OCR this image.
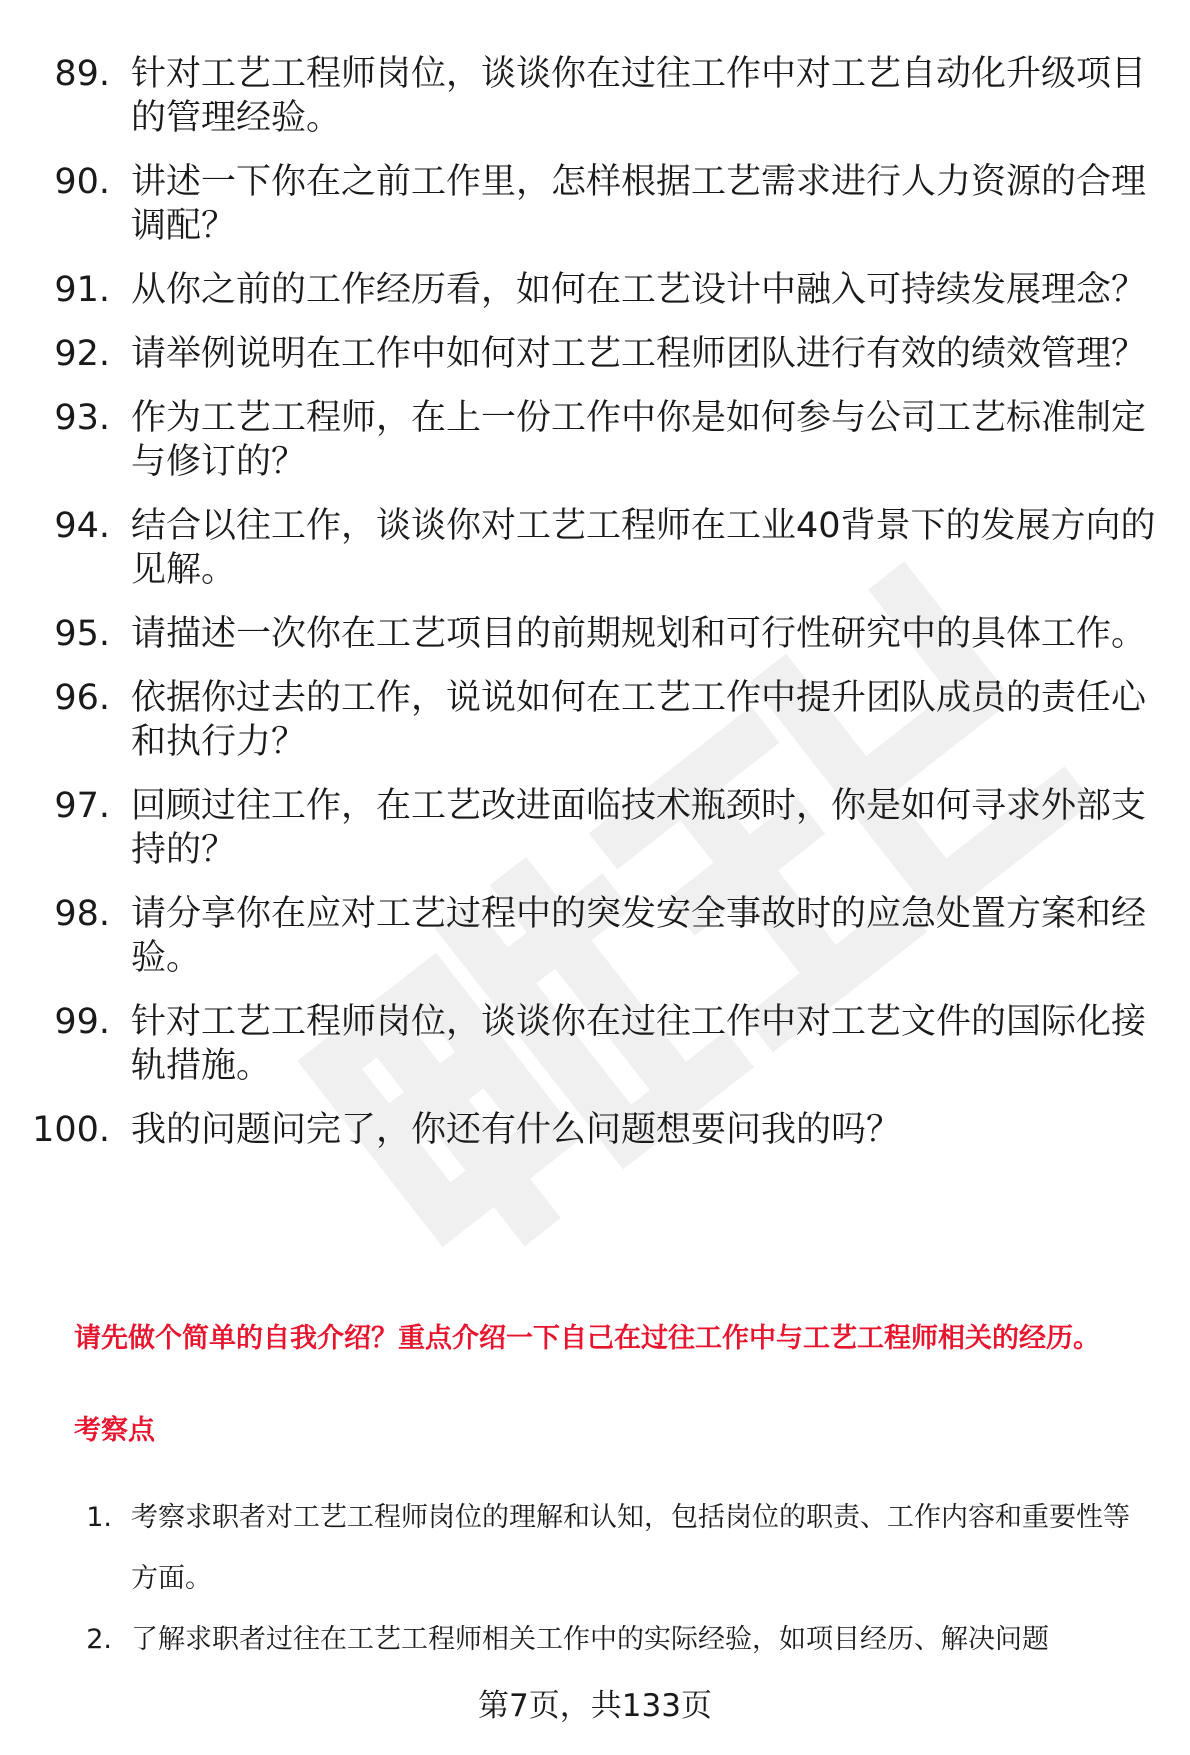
89. 针对工艺工程师岗位，谈谈你在过往工作中对工艺自动化升级项目的管理经验。
90. 讲述一下你在之前工作里，怎样根据工艺需求进行人力资源的合理调配？
91. 从你之前的工作经历看，如何在工艺设计中融入可持续发展理念？
92. 请举例说明在工作中如何对工艺工程师团队进行有效的绩效管理？
93. 作为工艺工程师，在上一份工作中你是如何参与公司工艺标准制定与修订的？
94. 结合以往工作，谈谈你对工艺工程师在工业40背景下的发展方向的见解。
95. 请描述一次你在工艺项目的前期规划和可行性研究中的具体工作。
96. 依据你过去的工作，说说如何在工艺工作中提升团队成员的责任心和执行力？
97. 回顾过往工作，在工艺改进面临技术瓶颈时，你是如何寻求外部支持的？
98. 请分享你在应对工艺过程中的突发安全事故时的应急处置方案和经验。
99. 针对工艺工程师岗位，谈谈你在过往工作中对工艺文件的国际化接轨措施。
100. 我的问题问完了，你还有什么问题想要问我的吗？
请先做个简单的自我介绍？重点介绍一下自己在过往工作中与工艺工程师相关的经历。
考察点
1. 考察求职者对工艺工程师岗位的理解和认知，包括岗位的职责、工作内容和重要性等方面。
2. 了解求职者过往在工艺工程师相关工作中的实际经验，如项目经历、解决问题
第7页，共133页
